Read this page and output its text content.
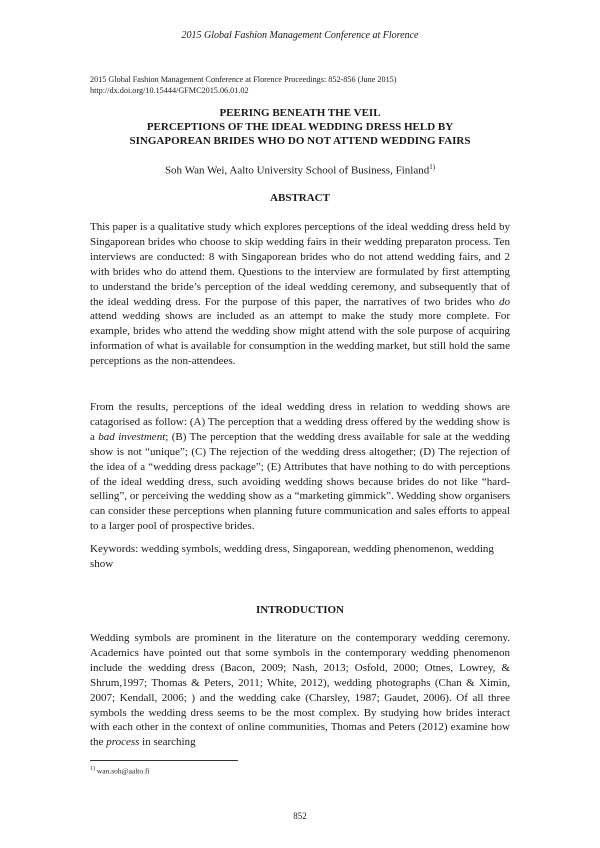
2015 Global Fashion Management Conference at Florence
2015 Global Fashion Management Conference at Florence Proceedings: 852-856 (June 2015)
http://dx.doi.org/10.15444/GFMC2015.06.01.02
PEERING BENEATH THE VEIL
PERCEPTIONS OF THE IDEAL WEDDING DRESS HELD BY
SINGAPOREAN BRIDES WHO DO NOT ATTEND WEDDING FAIRS
Soh Wan Wei, Aalto University School of Business, Finland$^{1)}$
ABSTRACT

This paper is a qualitative study which explores perceptions of the ideal wedding dress held by Singaporean brides who choose to skip wedding fairs in their wedding preparaton process. Ten interviews are conducted: 8 with Singaporean brides who do not attend wedding fairs, and 2 with brides who do attend them. Questions to the interview are formulated by first attempting to understand the bride’s perception of the ideal wedding ceremony, and subsequently that of the ideal wedding dress. For the purpose of this paper, the narratives of two brides who do attend wedding shows are included as an attempt to make the study more complete. For example, brides who attend the wedding show might attend with the sole purpose of acquiring information of what is available for consumption in the wedding market, but still hold the same perceptions as the non-attendees.

From the results, perceptions of the ideal wedding dress in relation to wedding shows are catagorised as follow: (A) The perception that a wedding dress offered by the wedding show is a bad investment; (B) The perception that the wedding dress available for sale at the wedding show is not “unique”; (C) The rejection of the wedding dress altogether; (D) The rejection of the idea of a “wedding dress package”; (E) Attributes that have nothing to do with perceptions of the ideal wedding dress, such avoiding wedding shows because brides do not like “hard-selling”, or perceiving the wedding show as a “marketing gimmick”. Wedding show organisers can consider these perceptions when planning future communication and sales efforts to appeal to a larger pool of prospective brides.

Keywords: wedding symbols, wedding dress, Singaporean, wedding phenomenon, wedding show

INTRODUCTION

Wedding symbols are prominent in the literature on the contemporary wedding ceremony. Academics have pointed out that some symbols in the contemporary wedding phenomenon include the wedding dress (Bacon, 2009; Nash, 2013; Osfold, 2000; Otnes, Lowrey, & Shrum,1997; Thomas & Peters, 2011; White, 2012), wedding photographs (Chan & Ximin, 2007; Kendall, 2006; ) and the wedding cake (Charsley, 1987; Gaudet, 2006). Of all three symbols the wedding dress seems to be the most complex. By studying how brides interact with each other in the context of online communities, Thomas and Peters (2012) examine how the process in searching

$^{1)}$ wan.soh@aalto.fi
852
